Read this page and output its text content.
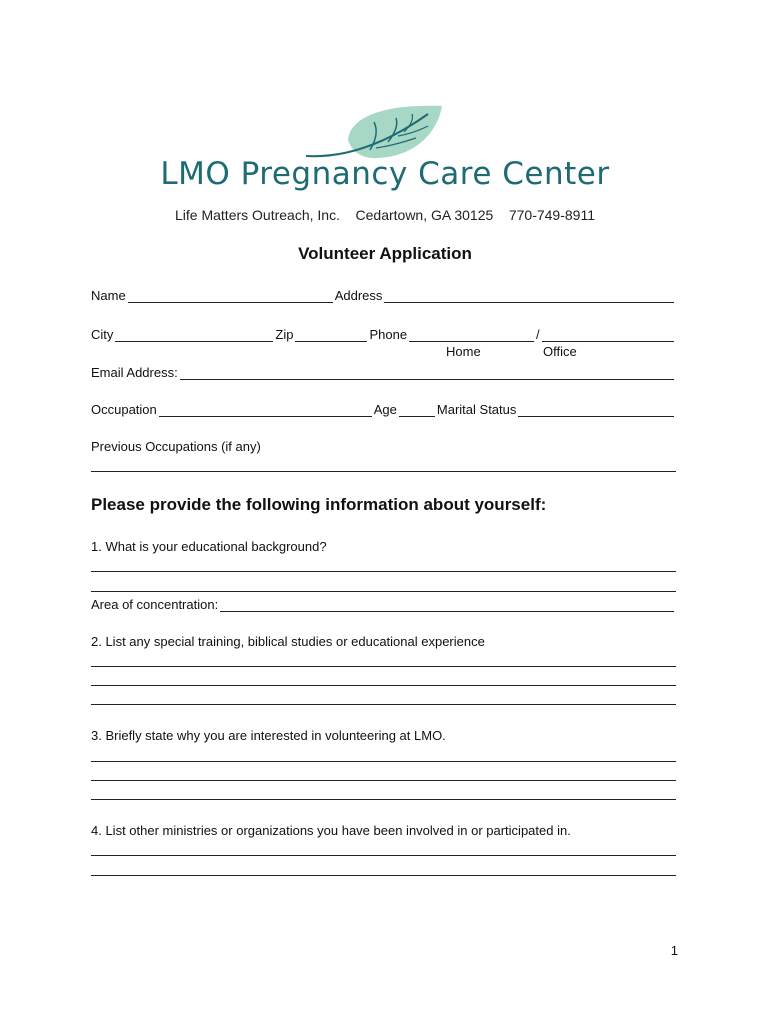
LMO Pregnancy Care Center
Life Matters Outreach, Inc.    Cedartown, GA 30125    770-749-8911
Volunteer Application
Name	Address
City	Zip	Phone	/
Home	Office
Email Address:
Occupation	Age	Marital Status
Previous Occupations (if any)
Please provide the following information about yourself:
1. What is your educational background?
Area of concentration:
2. List any special training, biblical studies or educational experience
3. Briefly state why you are interested in volunteering at LMO.
4. List other ministries or organizations you have been involved in or participated in.
1
